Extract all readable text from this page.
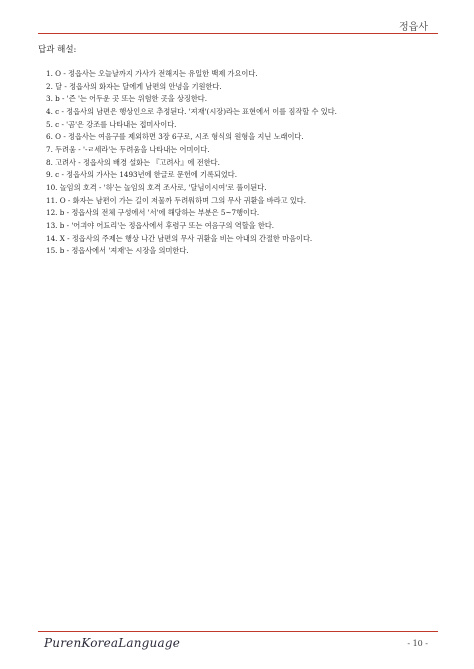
정읍사
답과 해설:
1. O - 정읍사는 오늘날까지 가사가 전해지는 유일한 백제 가요이다.
2. 달 - 정읍사의 화자는 달에게 남편의 안녕을 기원한다.
3. b - '즌 '는 어두운 곳 또는 위험한 곳을 상징한다.
4. c - 정읍사의 남편은 행상인으로 추정된다. '져재'(시장)라는 표현에서 이를 짐작할 수 있다.
5. c - '곰'은 강조를 나타내는 접미사이다.
6. O - 정읍사는 여음구를 제외하면 3장 6구로, 시조 형식의 원형을 지닌 노래이다.
7. 두려움 - '-ㄹ세라'는 두려움을 나타내는 어미이다.
8. 고려사 - 정읍사의 배경 설화는 『고려사』에 전한다.
9. c - 정읍사의 가사는 1493년에 한글로 문헌에 기록되었다.
10. 놀임의 호격 - '하'는 놀임의 호격 조사로, '달님이시여'로 풀이된다.
11. O - 화자는 남편이 가는 길이 저물까 두려워하며 그의 무사 귀환을 바라고 있다.
12. b - 정읍사의 전체 구성에서 '서'에 해당하는 부분은 5~7행이다.
13. b - '어긔야 어됴리'는 정읍사에서 후렴구 또는 여음구의 역할을 한다.
14. X - 정읍사의 주제는 행상 나간 남편의 무사 귀환을 비는 아내의 간절한 마음이다.
15. b - 정읍사에서 '져재'는 시장을 의미한다.
PurenKoreaLanguage	- 10 -
